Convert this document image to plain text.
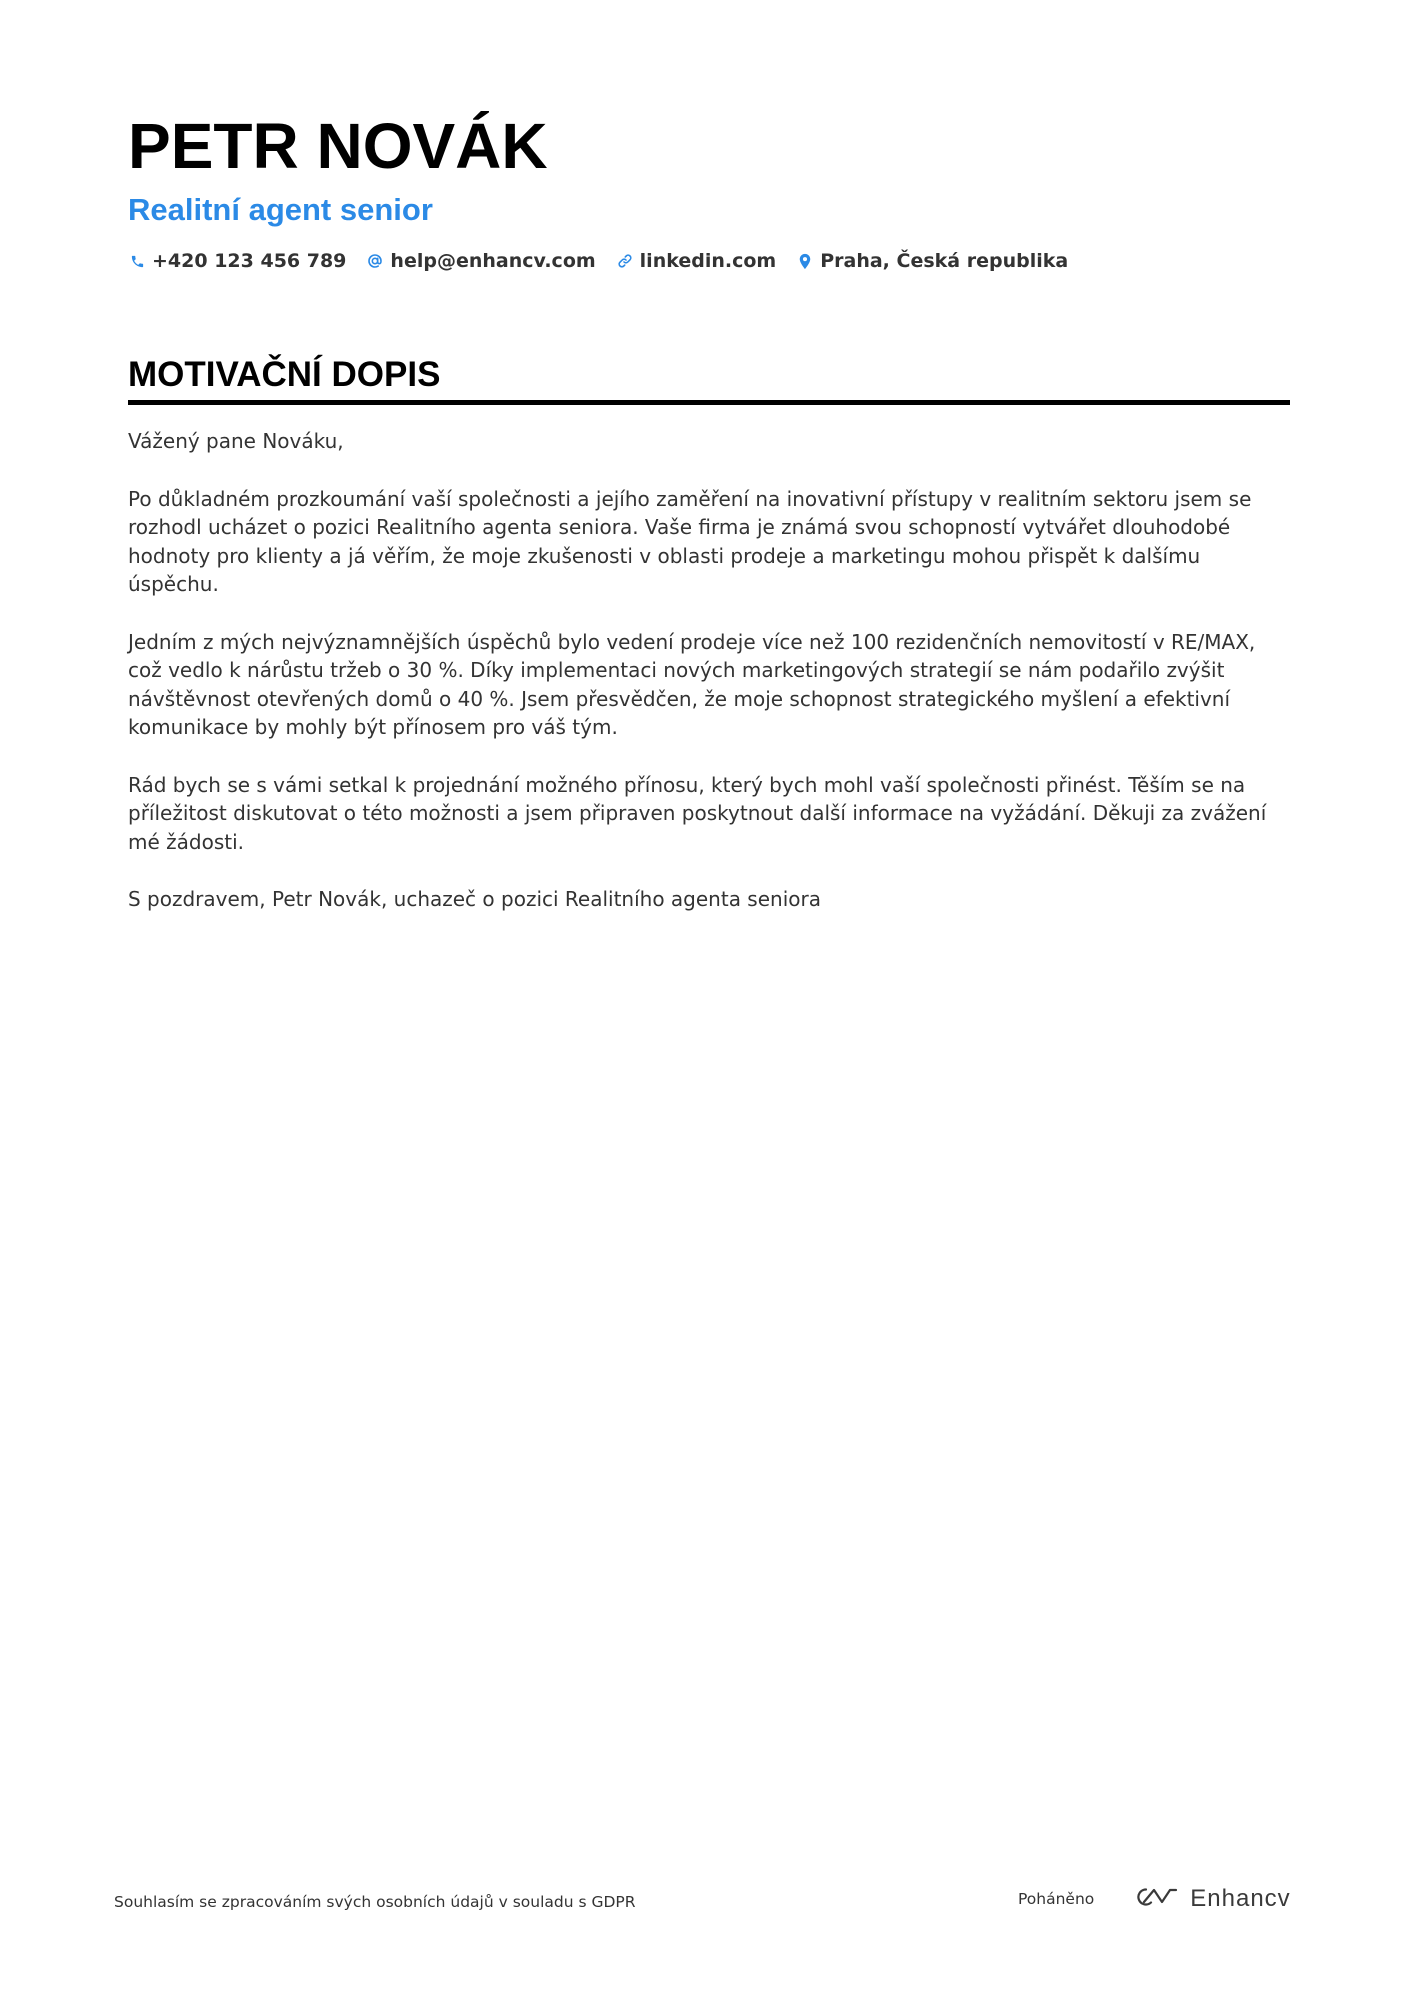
PETR NOVÁK
Realitní agent senior
+420 123 456 789 help@enhancv.com linkedin.com Praha, Česká republika
MOTIVAČNÍ DOPIS

Vážený pane Nováku,

Po důkladném prozkoumání vaší společnosti a jejího zaměření na inovativní přístupy v realitním sektoru jsem se rozhodl ucházet o pozici Realitního agenta seniora. Vaše firma je známá svou schopností vytvářet dlouhodobé hodnoty pro klienty a já věřím, že moje zkušenosti v oblasti prodeje a marketingu mohou přispět k dalšímu úspěchu.

Jedním z mých nejvýznamnějších úspěchů bylo vedení prodeje více než 100 rezidenčních nemovitostí v RE/MAX, což vedlo k nárůstu tržeb o 30 %. Díky implementaci nových marketingových strategií se nám podařilo zvýšit návštěvnost otevřených domů o 40 %. Jsem přesvědčen, že moje schopnost strategického myšlení a efektivní komunikace by mohly být přínosem pro váš tým.

Rád bych se s vámi setkal k projednání možného přínosu, který bych mohl vaší společnosti přinést. Těším se na příležitost diskutovat o této možnosti a jsem připraven poskytnout další informace na vyžádání. Děkuji za zvážení mé žádosti.

S pozdravem, Petr Novák, uchazeč o pozici Realitního agenta seniora

Souhlasím se zpracováním svých osobních údajů v souladu s GDPR	Poháněno	Enhancv
